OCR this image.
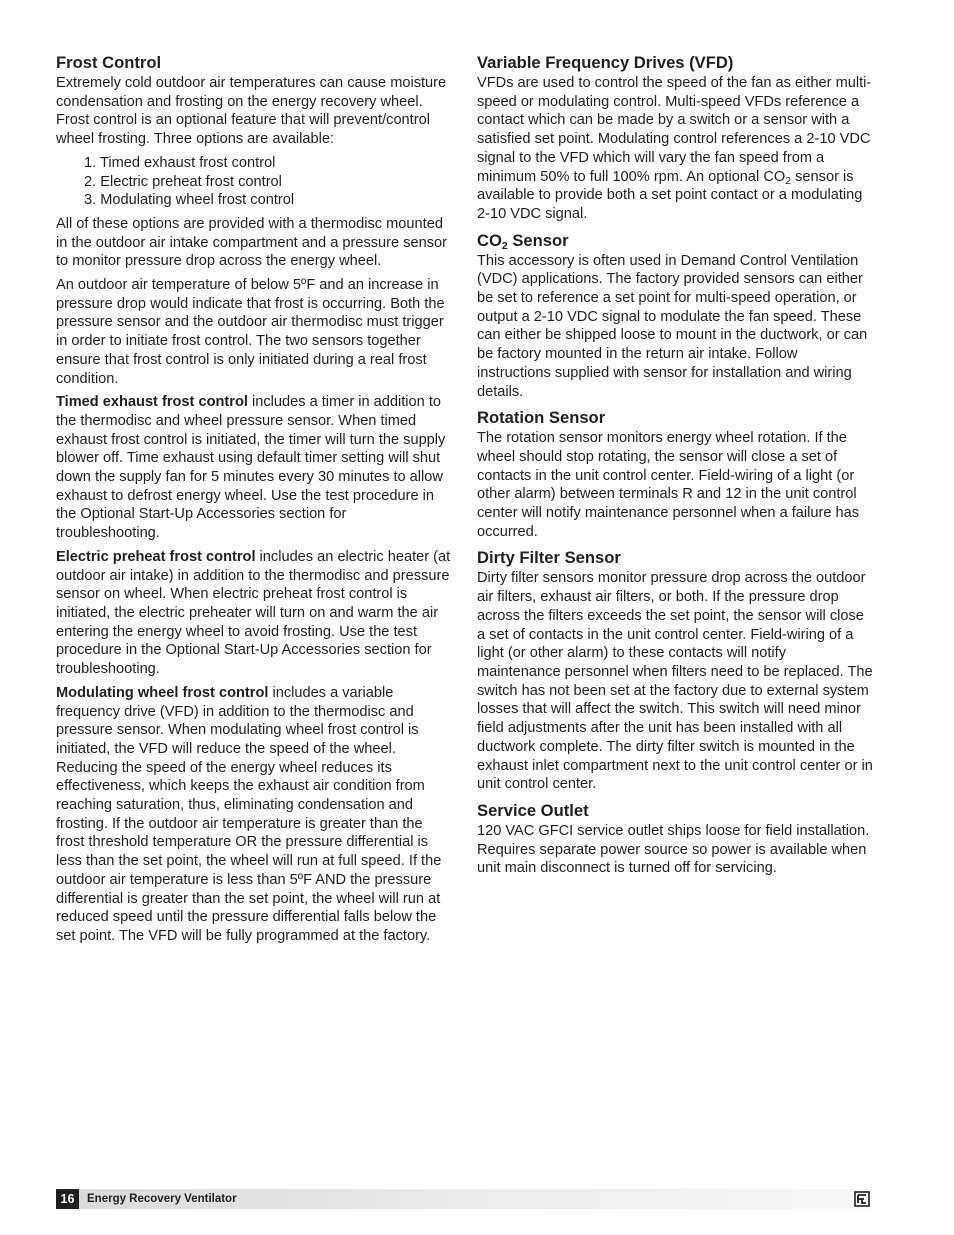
Frost Control

Extremely cold outdoor air temperatures can cause moisture condensation and frosting on the energy recovery wheel. Frost control is an optional feature that will prevent/control wheel frosting. Three options are available:

1. Timed exhaust frost control
2. Electric preheat frost control
3. Modulating wheel frost control

All of these options are provided with a thermodisc mounted in the outdoor air intake compartment and a pressure sensor to monitor pressure drop across the energy wheel.

An outdoor air temperature of below 5ºF and an increase in pressure drop would indicate that frost is occurring. Both the pressure sensor and the outdoor air thermodisc must trigger in order to initiate frost control. The two sensors together ensure that frost control is only initiated during a real frost condition.

Timed exhaust frost control includes a timer in addition to the thermodisc and wheel pressure sensor. When timed exhaust frost control is initiated, the timer will turn the supply blower off. Time exhaust using default timer setting will shut down the supply fan for 5 minutes every 30 minutes to allow exhaust to defrost energy wheel. Use the test procedure in the Optional Start-Up Accessories section for troubleshooting.

Electric preheat frost control includes an electric heater (at outdoor air intake) in addition to the thermodisc and pressure sensor on wheel. When electric preheat frost control is initiated, the electric preheater will turn on and warm the air entering the energy wheel to avoid frosting. Use the test procedure in the Optional Start-Up Accessories section for troubleshooting.

Modulating wheel frost control includes a variable frequency drive (VFD) in addition to the thermodisc and pressure sensor. When modulating wheel frost control is initiated, the VFD will reduce the speed of the wheel. Reducing the speed of the energy wheel reduces its effectiveness, which keeps the exhaust air condition from reaching saturation, thus, eliminating condensation and frosting. If the outdoor air temperature is greater than the frost threshold temperature OR the pressure differential is less than the set point, the wheel will run at full speed. If the outdoor air temperature is less than 5ºF AND the pressure differential is greater than the set point, the wheel will run at reduced speed until the pressure differential falls below the set point. The VFD will be fully programmed at the factory.

Variable Frequency Drives (VFD)

VFDs are used to control the speed of the fan as either multi-speed or modulating control. Multi-speed VFDs reference a contact which can be made by a switch or a sensor with a satisfied set point. Modulating control references a 2-10 VDC signal to the VFD which will vary the fan speed from a minimum 50% to full 100% rpm. An optional $CO_2$ sensor is available to provide both a set point contact or a modulating 2-10 VDC signal.

$CO_2$ Sensor

This accessory is often used in Demand Control Ventilation (VDC) applications. The factory provided sensors can either be set to reference a set point for multi-speed operation, or output a 2-10 VDC signal to modulate the fan speed. These can either be shipped loose to mount in the ductwork, or can be factory mounted in the return air intake. Follow instructions supplied with sensor for installation and wiring details.

Rotation Sensor

The rotation sensor monitors energy wheel rotation. If the wheel should stop rotating, the sensor will close a set of contacts in the unit control center. Field-wiring of a light (or other alarm) between terminals R and 12 in the unit control center will notify maintenance personnel when a failure has occurred.

Dirty Filter Sensor

Dirty filter sensors monitor pressure drop across the outdoor air filters, exhaust air filters, or both. If the pressure drop across the filters exceeds the set point, the sensor will close a set of contacts in the unit control center. Field-wiring of a light (or other alarm) to these contacts will notify maintenance personnel when filters need to be replaced. The switch has not been set at the factory due to external system losses that will affect the switch. This switch will need minor field adjustments after the unit has been installed with all ductwork complete. The dirty filter switch is mounted in the exhaust inlet compartment next to the unit control center or in unit control center.

Service Outlet

120 VAC GFCI service outlet ships loose for field installation. Requires separate power source so power is available when unit main disconnect is turned off for servicing.

16	Energy Recovery Ventilator
